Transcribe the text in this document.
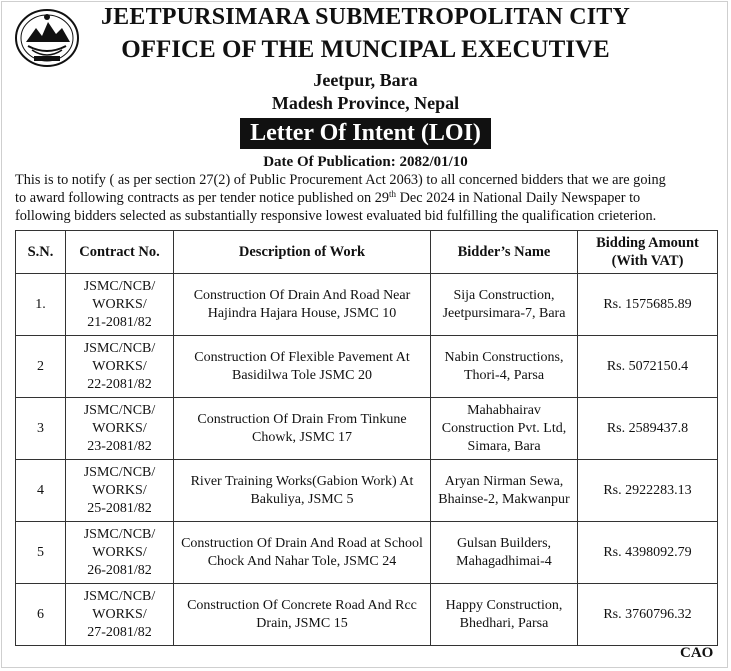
JEETPURSIMARA SUBMETROPOLITAN CITY
OFFICE OF THE MUNCIPAL EXECUTIVE
Jeetpur, Bara
Madesh Province, Nepal
Letter Of Intent (LOI)
Date Of Publication: 2082/01/10
This is to notify ( as per section 27(2) of Public Procurement Act 2063) to all concerned bidders that we are going
to award following contracts as per tender notice published on 29th Dec 2024 in National Daily Newspaper to
following bidders selected as substantially responsive lowest evaluated bid fulfilling the qualification crieterion.
S.N.	Contract No.	Description of Work	Bidder’s Name	Bidding Amount
(With VAT)
1.	JSMC/NCB/
WORKS/
21-2081/82	Construction Of Drain And Road Near Hajindra Hajara House, JSMC 10	Sija Construction, Jeetpursimara-7, Bara	Rs. 1575685.89
2	JSMC/NCB/
WORKS/
22-2081/82	Construction Of Flexible Pavement At Basidilwa Tole JSMC 20	Nabin Constructions, Thori-4, Parsa	Rs. 5072150.4
3	JSMC/NCB/
WORKS/
23-2081/82	Construction Of Drain From Tinkune Chowk, JSMC 17	Mahabhairav Construction Pvt. Ltd, Simara, Bara	Rs. 2589437.8
4	JSMC/NCB/
WORKS/
25-2081/82	River Training Works(Gabion Work) At Bakuliya, JSMC 5	Aryan Nirman Sewa, Bhainse-2, Makwanpur	Rs. 2922283.13
5	JSMC/NCB/
WORKS/
26-2081/82	Construction Of Drain And Road at School Chock And Nahar Tole, JSMC 24	Gulsan Builders, Mahagadhimai-4	Rs. 4398092.79
6	JSMC/NCB/
WORKS/
27-2081/82	Construction Of Concrete Road And Rcc Drain, JSMC 15	Happy Construction, Bhedhari, Parsa	Rs. 3760796.32
CAO
